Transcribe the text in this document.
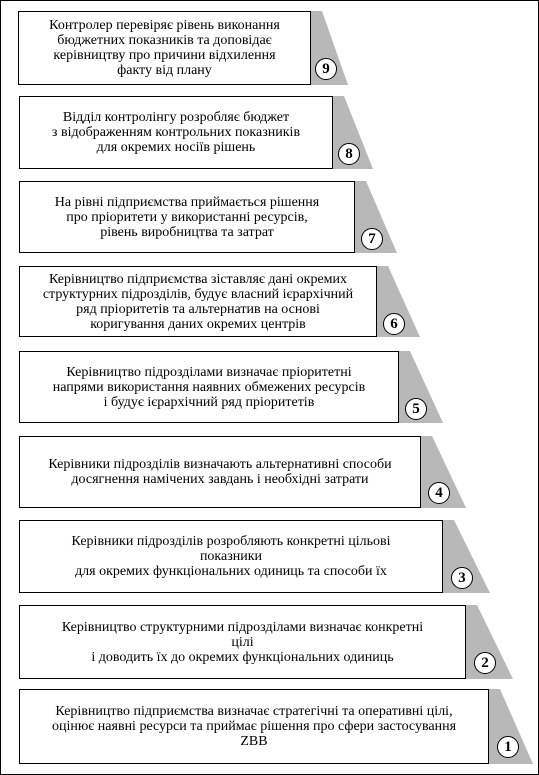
Контролер перевіряє рівень виконання
бюджетних показників та доповідає
керівництву про причини відхилення
факту від плану	9
Відділ контролінгу розробляє бюджет
з відображенням контрольних показників
для окремих носіїв рішень	8
На рівні підприємства приймається рішення
про пріоритети у використанні ресурсів,
рівень виробництва та затрат	7
Керівництво підприємства зіставляє дані окремих
структурних підрозділів, будує власний ієрархічний
ряд пріоритетів та альтернатив на основі
коригування даних окремих центрів	6
Керівництво підрозділами визначає пріоритетні
напрями використання наявних обмежених ресурсів
і будує ієрархічний ряд пріоритетів	5
Керівники підрозділів визначають альтернативні способи
досягнення намічених завдань і необхідні затрати
4
Керівники підрозділів розробляють конкретні цільові
показники
для окремих функціональних одиниць та способи їх	3
Керівництво структурними підрозділами визначає конкретні
цілі
і доводить їх до окремих функціональних одиниць	2
Керівництво підприємства визначає стратегічні та оперативні цілі,
оцінює наявні ресурси та приймає рішення про сфери застосування
ZBB	1
